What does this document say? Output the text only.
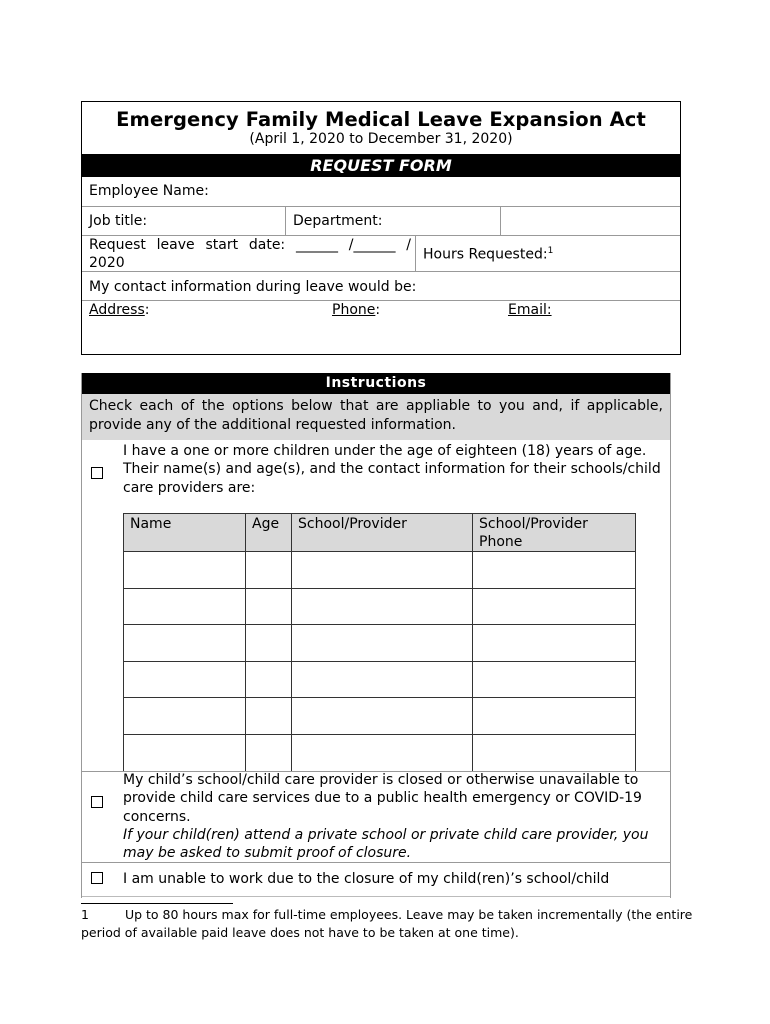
Emergency Family Medical Leave Expansion Act
(April 1, 2020 to December 31, 2020)
REQUEST FORM
Employee Name:
Job title:	Department:
Request leave start date: ______ /______ /
2020
Hours Requested:$^1$
My contact information during leave would be:
Address:	Phone:	Email:
Instructions
Check each of the options below that are appliable to you and, if applicable, provide any of the additional requested information.
I have a one or more children under the age of eighteen (18) years of age. Their name(s) and age(s), and the contact information for their schools/child care providers are:
Name	Age	School/Provider	School/Provider Phone

My child’s school/child care provider is closed or otherwise unavailable to provide child care services due to a public health emergency or COVID-19 concerns.
If your child(ren) attend a private school or private child care provider, you may be asked to submit proof of closure.
I am unable to work due to the closure of my child(ren)’s school/child
1	Up to 80 hours max for full-time employees. Leave may be taken incrementally (the entire period of available paid leave does not have to be taken at one time).
